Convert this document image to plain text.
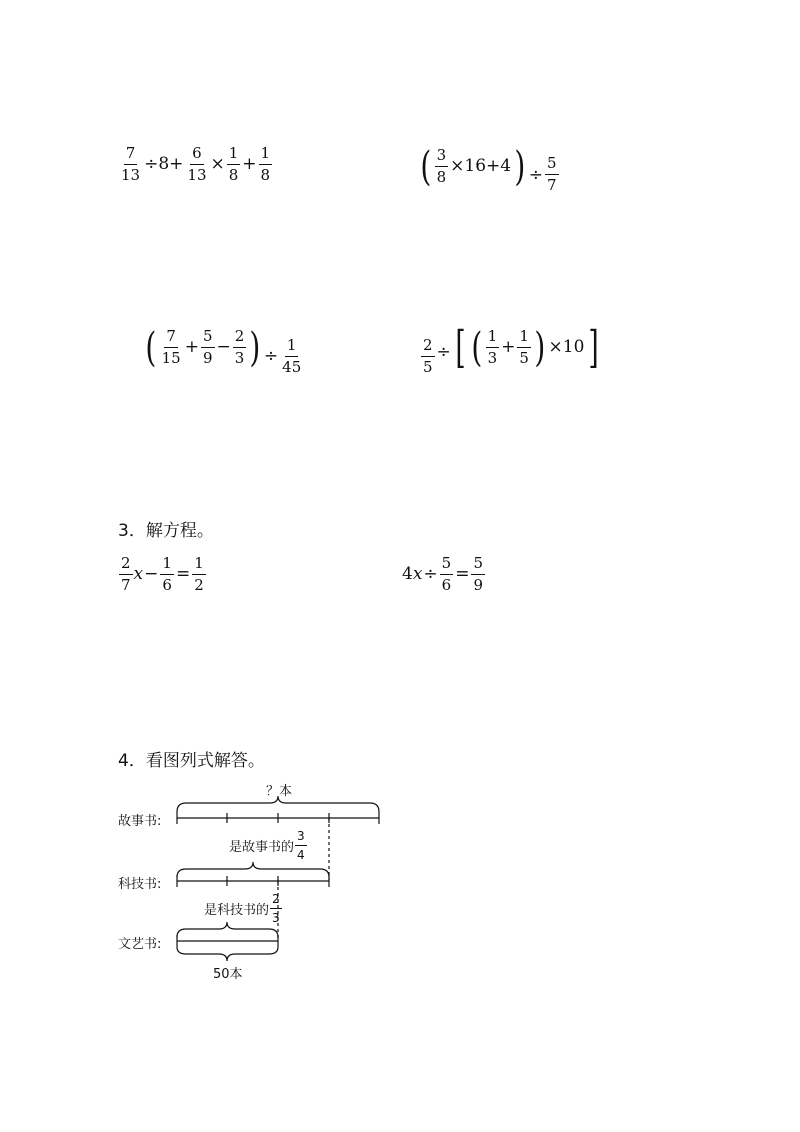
$\frac{7}{13} \div 8+ \frac{6}{13} \times \frac{1}{8} + \frac{1}{8}$	( $\frac{3}{8} \times 16+4$ ) ÷ $\frac{5}{7}$
( $\frac{7}{15} + \frac{5}{9} - \frac{2}{3}$ ) ÷ $\frac{1}{45}$	$\frac{2}{5}$ ÷ [ ( $\frac{1}{3} + \frac{1}{5}$ ) ×10 ]
3．解方程。
$\frac{2}{7}$ $x - \frac{1}{6} = \frac{1}{2}$	4 $x \div \frac{5}{6} = \frac{5}{9}$
4．看图列式解答。
？本
故事书:
是故事书的 $\frac{3}{4}$
科技书:
是科技书的 $\frac{2}{3}$
文艺书:
50本
